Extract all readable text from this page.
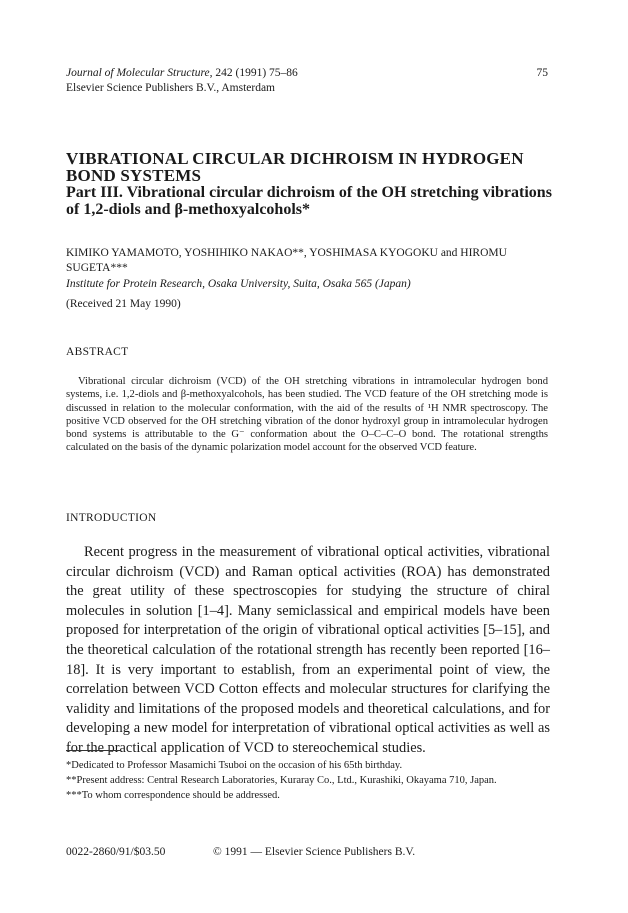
Journal of Molecular Structure, 242 (1991) 75–86	75
Elsevier Science Publishers B.V., Amsterdam
VIBRATIONAL CIRCULAR DICHROISM IN HYDROGEN BOND SYSTEMS
Part III. Vibrational circular dichroism of the OH stretching vibrations of 1,2-diols and β-methoxyalcohols*
KIMIKO YAMAMOTO, YOSHIHIKO NAKAO**, YOSHIMASA KYOGOKU and HIROMU SUGETA***
Institute for Protein Research, Osaka University, Suita, Osaka 565 (Japan)
(Received 21 May 1990)
ABSTRACT
Vibrational circular dichroism (VCD) of the OH stretching vibrations in intramolecular hydrogen bond systems, i.e. 1,2-diols and β-methoxyalcohols, has been studied. The VCD feature of the OH stretching mode is discussed in relation to the molecular conformation, with the aid of the results of ¹H NMR spectroscopy. The positive VCD observed for the OH stretching vibration of the donor hydroxyl group in intramolecular hydrogen bond systems is attributable to the G⁻ conformation about the O–C–C–O bond. The rotational strengths calculated on the basis of the dynamic polarization model account for the observed VCD feature.
INTRODUCTION
Recent progress in the measurement of vibrational optical activities, vibrational circular dichroism (VCD) and Raman optical activities (ROA) has demonstrated the great utility of these spectroscopies for studying the structure of chiral molecules in solution [1–4]. Many semiclassical and empirical models have been proposed for interpretation of the origin of vibrational optical activities [5–15], and the theoretical calculation of the rotational strength has recently been reported [16–18]. It is very important to establish, from an experimental point of view, the correlation between VCD Cotton effects and molecular structures for clarifying the validity and limitations of the proposed models and theoretical calculations, and for developing a new model for interpretation of vibrational optical activities as well as for the practical application of VCD to stereochemical studies.
*Dedicated to Professor Masamichi Tsuboi on the occasion of his 65th birthday.
**Present address: Central Research Laboratories, Kuraray Co., Ltd., Kurashiki, Okayama 710, Japan.
***To whom correspondence should be addressed.
0022-2860/91/$03.50	© 1991 — Elsevier Science Publishers B.V.
